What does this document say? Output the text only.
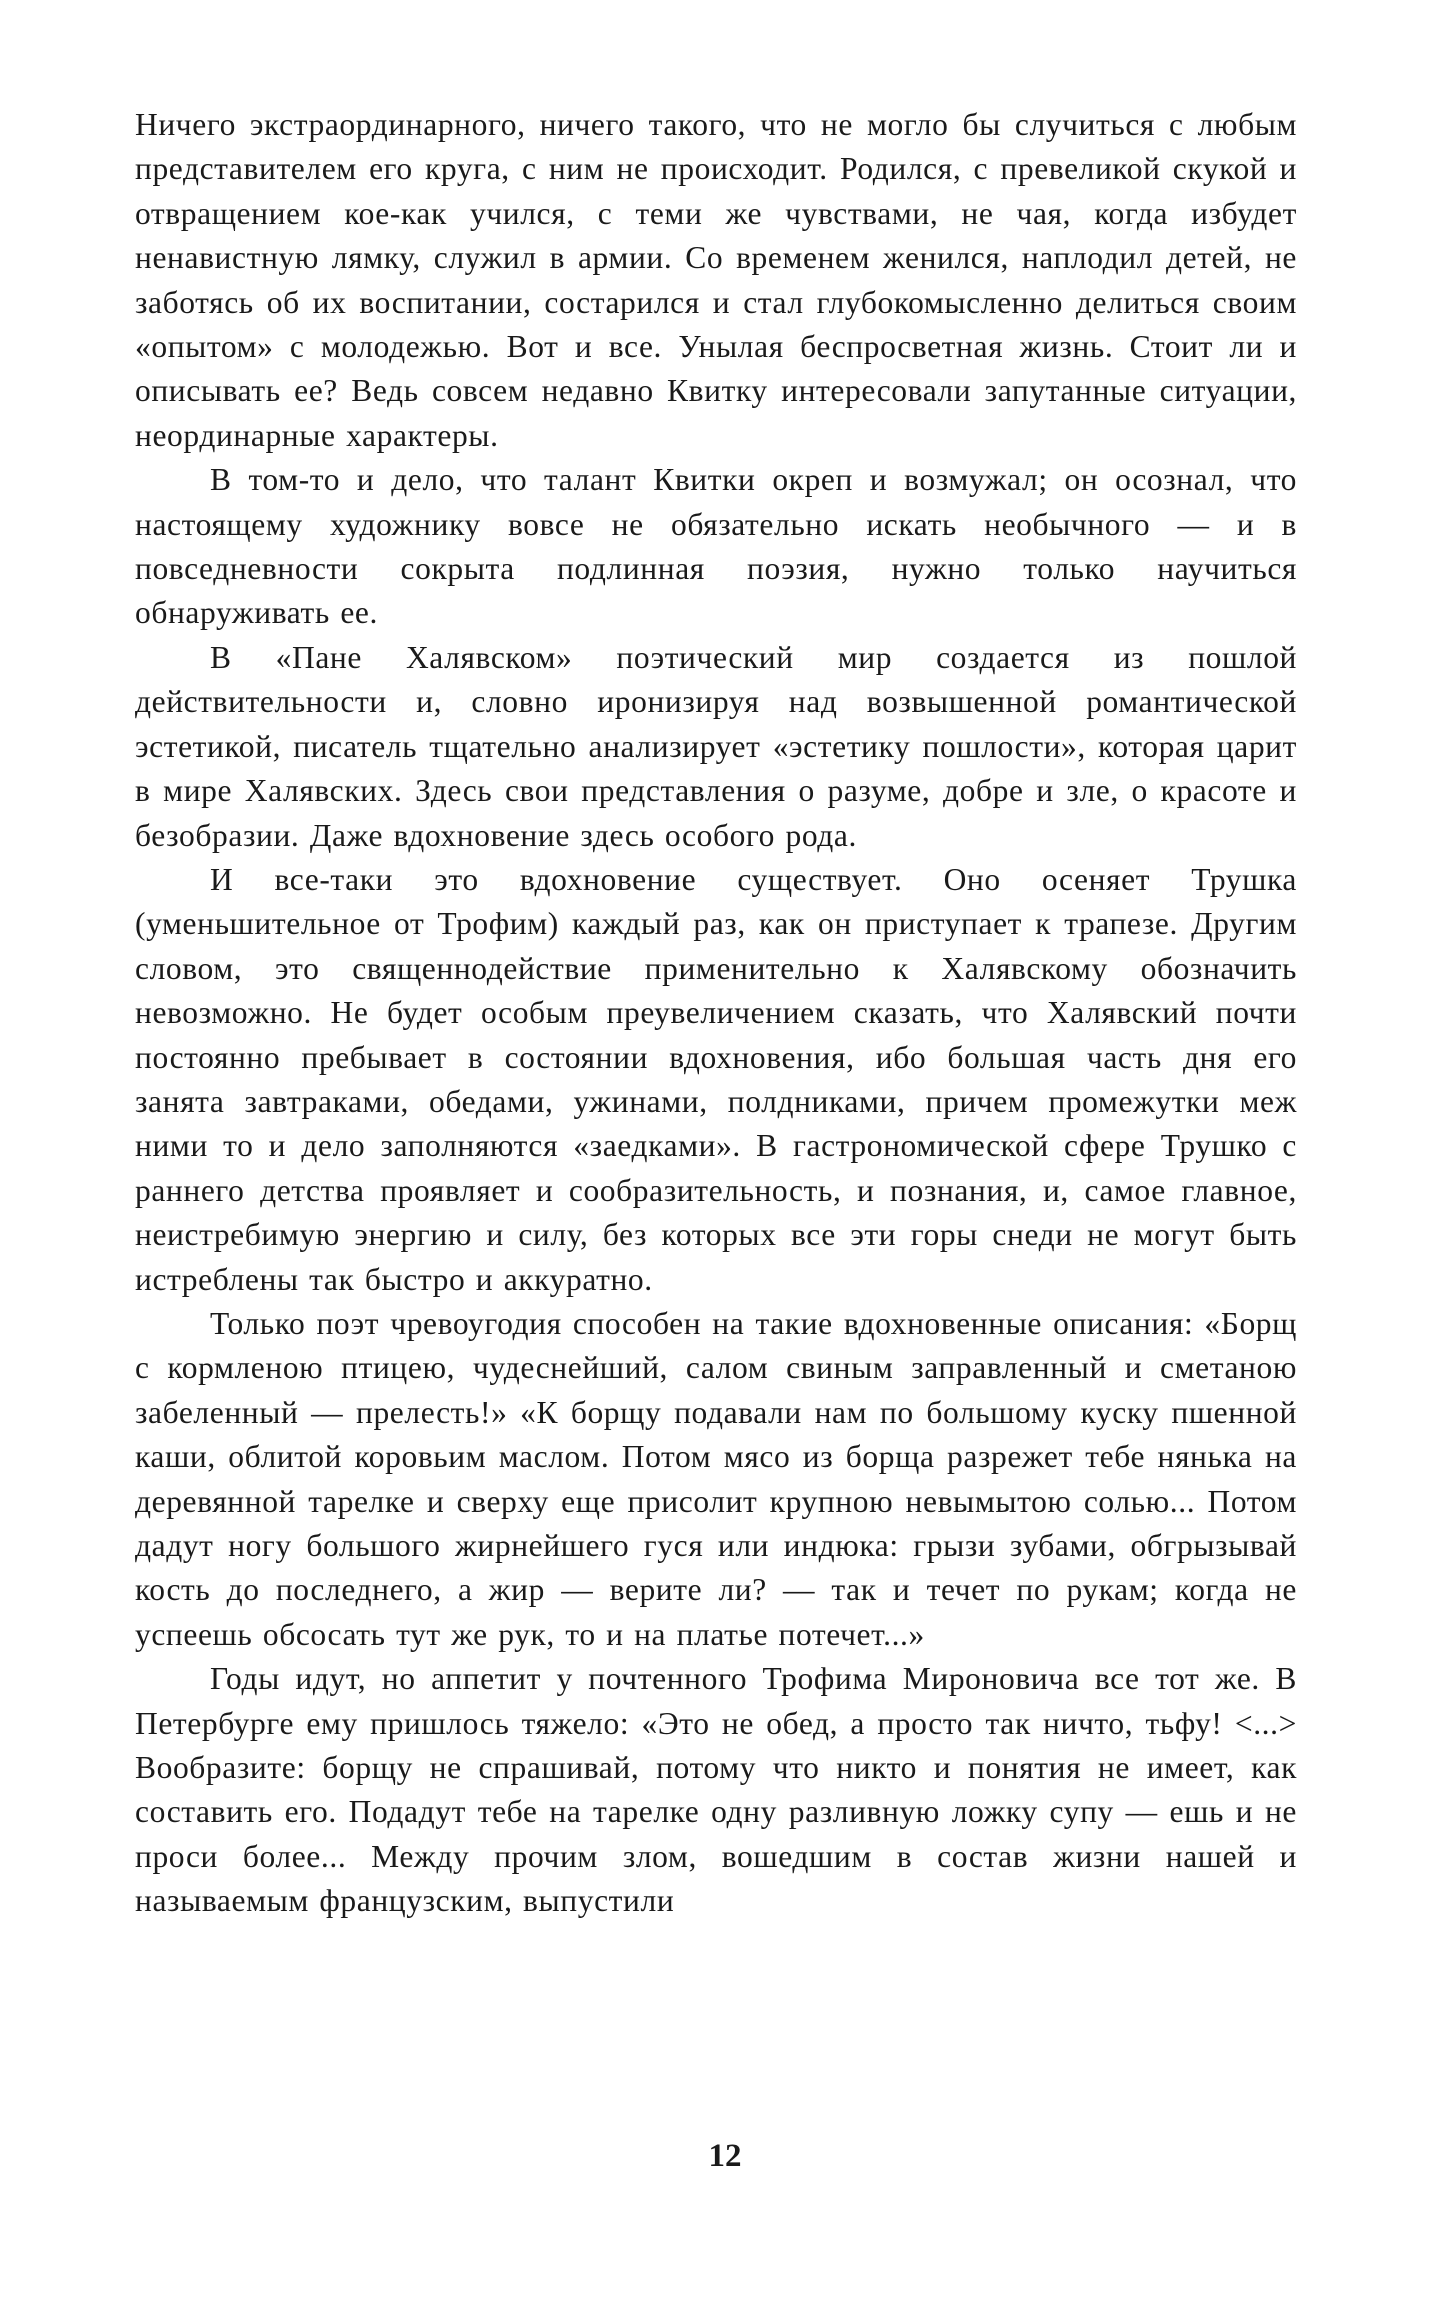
Ничего экстраординарного, ничего такого, что не могло бы случиться с любым представителем его круга, с ним не происходит. Родился, с превеликой скукой и отвращением кое-как учился, с теми же чувствами, не чая, когда избудет ненавистную лямку, служил в армии. Со временем женился, наплодил детей, не заботясь об их воспитании, состарился и стал глубокомысленно делиться своим «опытом» с молодежью. Вот и все. Унылая беспросветная жизнь. Стоит ли и описывать ее? Ведь совсем недавно Квитку интересовали запутанные ситуации, неординарные характеры.

В том-то и дело, что талант Квитки окреп и возмужал; он осознал, что настоящему художнику вовсе не обязательно искать необычного — и в повседневности сокрыта подлинная поэзия, нужно только научиться обнаруживать ее.

В «Пане Халявском» поэтический мир создается из пошлой действительности и, словно иронизируя над возвышенной романтической эстетикой, писатель тщательно анализирует «эстетику пошлости», которая царит в мире Халявских. Здесь свои представления о разуме, добре и зле, о красоте и безобразии. Даже вдохновение здесь особого рода.

И все-таки это вдохновение существует. Оно осеняет Трушка (уменьшительное от Трофим) каждый раз, как он приступает к трапезе. Другим словом, это священнодействие применительно к Халявскому обозначить невозможно. Не будет особым преувеличением сказать, что Халявский почти постоянно пребывает в состоянии вдохновения, ибо большая часть дня его занята завтраками, обедами, ужинами, полдниками, причем промежутки меж ними то и дело заполняются «заедками». В гастрономической сфере Трушко с раннего детства проявляет и сообразительность, и познания, и, самое главное, неистребимую энергию и силу, без которых все эти горы снеди не могут быть истреблены так быстро и аккуратно.

Только поэт чревоугодия способен на такие вдохновенные описания: «Борщ с кормленою птицею, чудеснейший, салом свиным заправленный и сметаною забеленный — прелесть!» «К борщу подавали нам по большому куску пшенной каши, облитой коровьим маслом. Потом мясо из борща разрежет тебе нянька на деревянной тарелке и сверху еще присолит крупною невымытою солью... Потом дадут ногу большого жирнейшего гуся или индюка: грызи зубами, обгрызывай кость до последнего, а жир — верите ли? — так и течет по рукам; когда не успеешь обсосать тут же рук, то и на платье потечет...»

Годы идут, но аппетит у почтенного Трофима Мироновича все тот же. В Петербурге ему пришлось тяжело: «Это не обед, а просто так ничто, тьфу! <...> Вообразите: борщу не спрашивай, потому что никто и понятия не имеет, как составить его. Подадут тебе на тарелке одну разливную ложку супу — ешь и не проси более... Между прочим злом, вошедшим в состав жизни нашей и называемым французским, выпустили

12
